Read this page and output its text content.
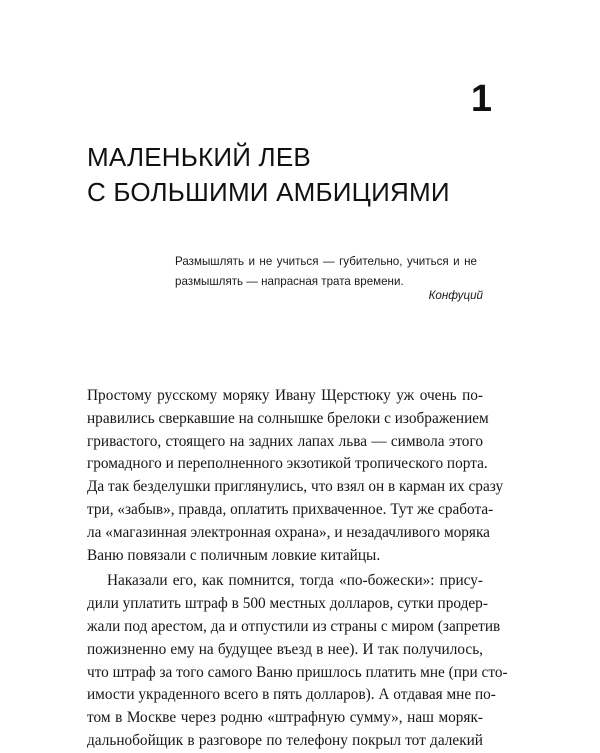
1
МАЛЕНЬКИЙ ЛЕВ
С БОЛЬШИМИ АМБИЦИЯМИ
Размышлять и не учиться — губительно, учиться и не размышлять — напрасная трата времени.
Конфуций

Простому русскому моряку Ивану Щерстюку уж очень по-
нравились сверкавшие на солнышке брелоки с изображением
гривастого, стоящего на задних лапах льва — символа этого
громадного и переполненного экзотикой тропического порта.
Да так безделушки приглянулись, что взял он в карман их сразу
три, «забыв», правда, оплатить прихваченное. Тут же сработа-
ла «магазинная электронная охрана», и незадачливого моряка
Ваню повязали с поличным ловкие китайцы.

Наказали его, как помнится, тогда «по-божески»: прису-
дили уплатить штраф в 500 местных долларов, сутки продер-
жали под арестом, да и отпустили из страны с миром (запретив
пожизненно ему на будущее въезд в нее). И так получилось,
что штраф за того самого Ваню пришлось платить мне (при сто-
имости украденного всего в пять долларов). А отдавая мне по-
том в Москве через родню «штрафную сумму», наш моряк-
дальнобойщик в разговоре по телефону покрыл тот далекий
